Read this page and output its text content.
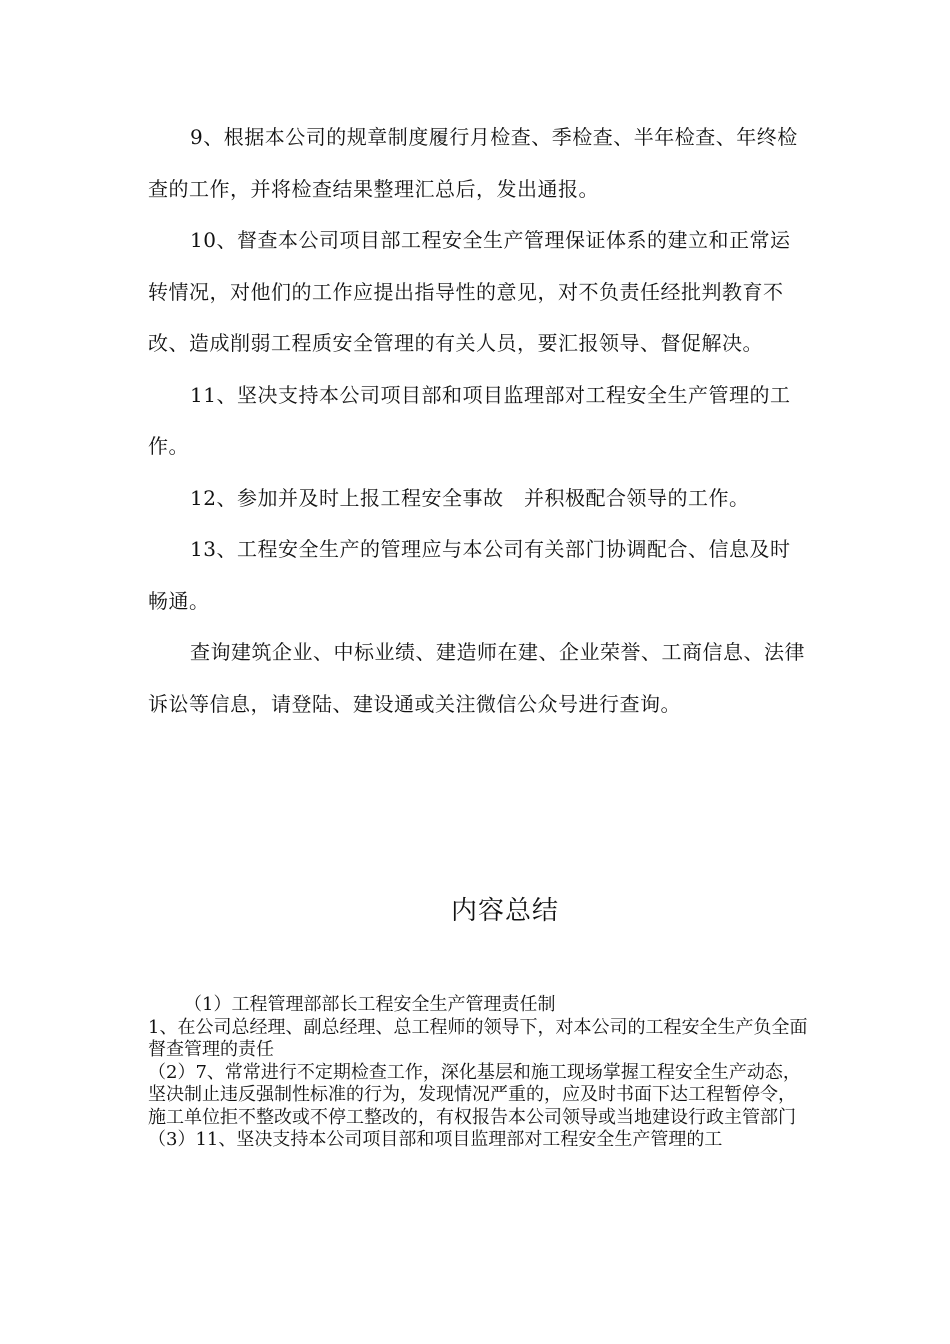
9、根据本公司的规章制度履行月检查、季检查、半年检查、年终检查的工作，并将检查结果整理汇总后，发出通报。

10、督查本公司项目部工程安全生产管理保证体系的建立和正常运转情况，对他们的工作应提出指导性的意见，对不负责任经批判教育不改、造成削弱工程质安全管理的有关人员，要汇报领导、督促解决。

11、坚决支持本公司项目部和项目监理部对工程安全生产管理的工作。

12、参加并及时上报工程安全事故　并积极配合领导的工作。

13、工程安全生产的管理应与本公司有关部门协调配合、信息及时畅通。

查询建筑企业、中标业绩、建造师在建、企业荣誉、工商信息、法律诉讼等信息，请登陆、建设通或关注微信公众号进行查询。

内容总结

（1）工程管理部部长工程安全生产管理责任制

1、在公司总经理、副总经理、总工程师的领导下，对本公司的工程安全生产负全面督查管理的责任

（2）7、常常进行不定期检查工作，深化基层和施工现场掌握工程安全生产动态，坚决制止违反强制性标准的行为，发现情况严重的，应及时书面下达工程暂停令，施工单位拒不整改或不停工整改的，有权报告本公司领导或当地建设行政主管部门

（3）11、坚决支持本公司项目部和项目监理部对工程安全生产管理的工
